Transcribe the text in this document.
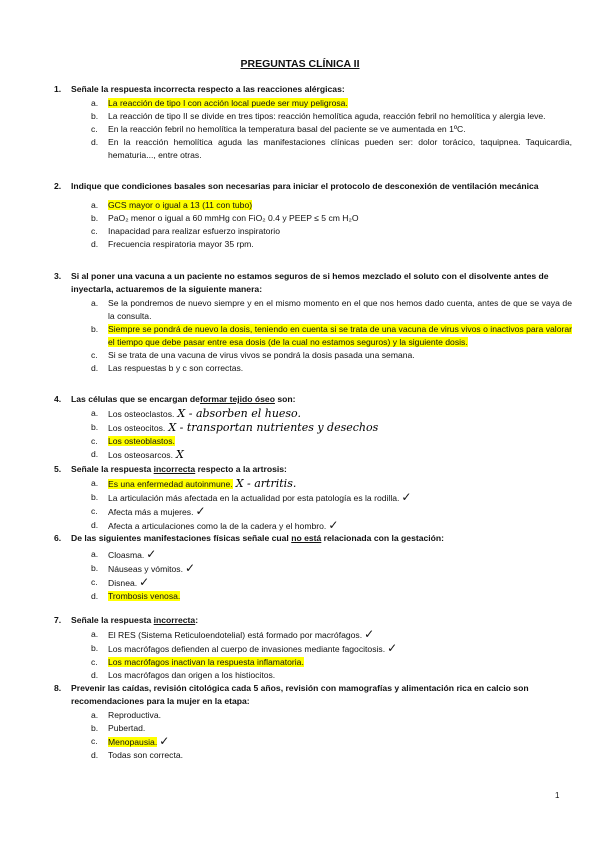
PREGUNTAS CLÍNICA II
1. Señale la respuesta incorrecta respecto a las reacciones alérgicas:
a. La reacción de tipo I con acción local puede ser muy peligrosa.
b. La reacción de tipo II se divide en tres tipos: reacción hemolítica aguda, reacción febril no hemolítica y alergia leve.
c. En la reacción febril no hemolítica la temperatura basal del paciente se ve aumentada en 1ºC.
d. En la reacción hemolítica aguda las manifestaciones clínicas pueden ser: dolor torácico, taquipnea. Taquicardia, hematuria..., entre otras.
2. Indique que condiciones basales son necesarias para iniciar el protocolo de desconexión de ventilación mecánica
a. GCS mayor o igual a 13 (11 con tubo)
b. PaO₂ menor o igual a 60 mmHg con FiO₂ 0.4 y PEEP ≤ 5 cm H₂O
c. Inapacidad para realizar esfuerzo inspiratorio
d. Frecuencia respiratoria mayor 35 rpm.
3. Si al poner una vacuna a un paciente no estamos seguros de si hemos mezclado el soluto con el disolvente antes de inyectarla, actuaremos de la siguiente manera:
a. Se la pondremos de nuevo siempre y en el mismo momento en el que nos hemos dado cuenta, antes de que se vaya de la consulta.
b. Siempre se pondrá de nuevo la dosis, teniendo en cuenta si se trata de una vacuna de virus vivos o inactivos para valorar el tiempo que debe pasar entre esa dosis (de la cual no estamos seguros) y la siguiente dosis.
c. Si se trata de una vacuna de virus vivos se pondrá la dosis pasada una semana.
d. Las respuestas b y c son correctas.
4. Las células que se encargan deformar tejido óseo son:
a. Los osteoclastos. X - absorben el hueso.
b. Los osteocitos. X - transportan nutrientes y desechos
c. Los osteoblastos.
d. Los osteosarcos. X
5. Señale la respuesta incorrecta respecto a la artrosis:
a. Es una enfermedad autoinmune. X - artritis.
b. La articulación más afectada en la actualidad por esta patología es la rodilla. ✓
c. Afecta más a mujeres. ✓
d. Afecta a articulaciones como la de la cadera y el hombro. ✓
6. De las siguientes manifestaciones físicas señale cual no está relacionada con la gestación:
a. Cloasma. ✓
b. Náuseas y vómitos. ✓
c. Disnea. ✓
d. Trombosis venosa.
7. Señale la respuesta incorrecta:
a. El RES (Sistema Reticuloendotelial) está formado por macrófagos. ✓
b. Los macrófagos defienden al cuerpo de invasiones mediante fagocitosis. ✓
c. Los macrófagos inactivan la respuesta inflamatoria.
d. Los macrófagos dan origen a los histiocitos.
8. Prevenir las caídas, revisión citológica cada 5 años, revisión con mamografías y alimentación rica en calcio son recomendaciones para la mujer en la etapa:
a. Reproductiva.
b. Pubertad.
c. Menopausia. ✓
d. Todas son correcta.
1
